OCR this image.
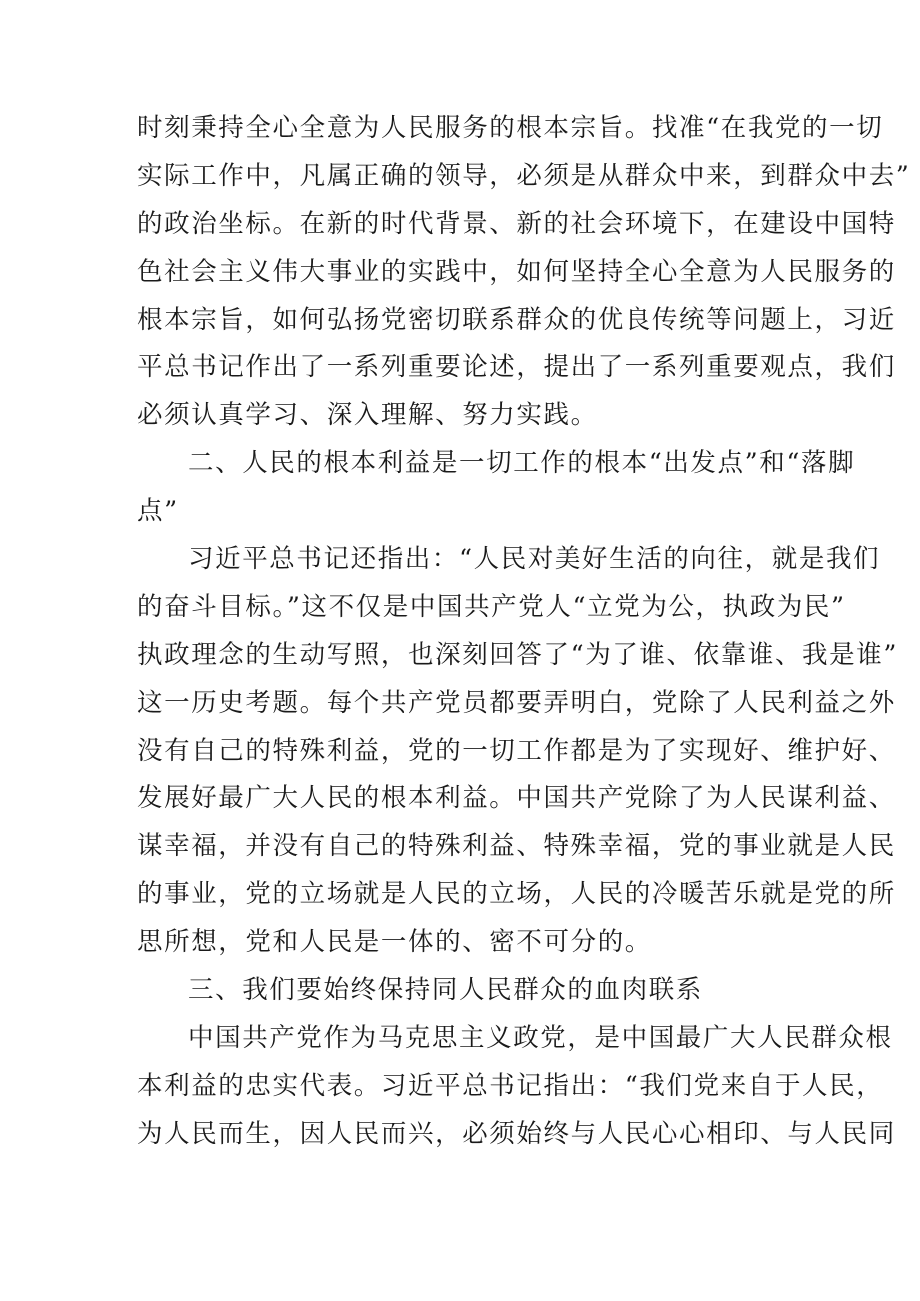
时刻秉持全心全意为人民服务的根本宗旨。找准“在我党的一切
实际工作中，凡属正确的领导，必须是从群众中来，到群众中去”
的政治坐标。在新的时代背景、新的社会环境下，在建设中国特
色社会主义伟大事业的实践中，如何坚持全心全意为人民服务的
根本宗旨，如何弘扬党密切联系群众的优良传统等问题上，习近
平总书记作出了一系列重要论述，提出了一系列重要观点，我们
必须认真学习、深入理解、努力实践。
二、人民的根本利益是一切工作的根本“出发点”和“落脚
点”
习近平总书记还指出：“人民对美好生活的向往，就是我们
的奋斗目标。”这不仅是中国共产党人“立党为公，执政为民”
执政理念的生动写照，也深刻回答了“为了谁、依靠谁、我是谁”
这一历史考题。每个共产党员都要弄明白，党除了人民利益之外
没有自己的特殊利益，党的一切工作都是为了实现好、维护好、
发展好最广大人民的根本利益。中国共产党除了为人民谋利益、
谋幸福，并没有自己的特殊利益、特殊幸福，党的事业就是人民
的事业，党的立场就是人民的立场，人民的冷暖苦乐就是党的所
思所想，党和人民是一体的、密不可分的。
三、我们要始终保持同人民群众的血肉联系
中国共产党作为马克思主义政党，是中国最广大人民群众根
本利益的忠实代表。习近平总书记指出：“我们党来自于人民，
为人民而生，因人民而兴，必须始终与人民心心相印、与人民同
